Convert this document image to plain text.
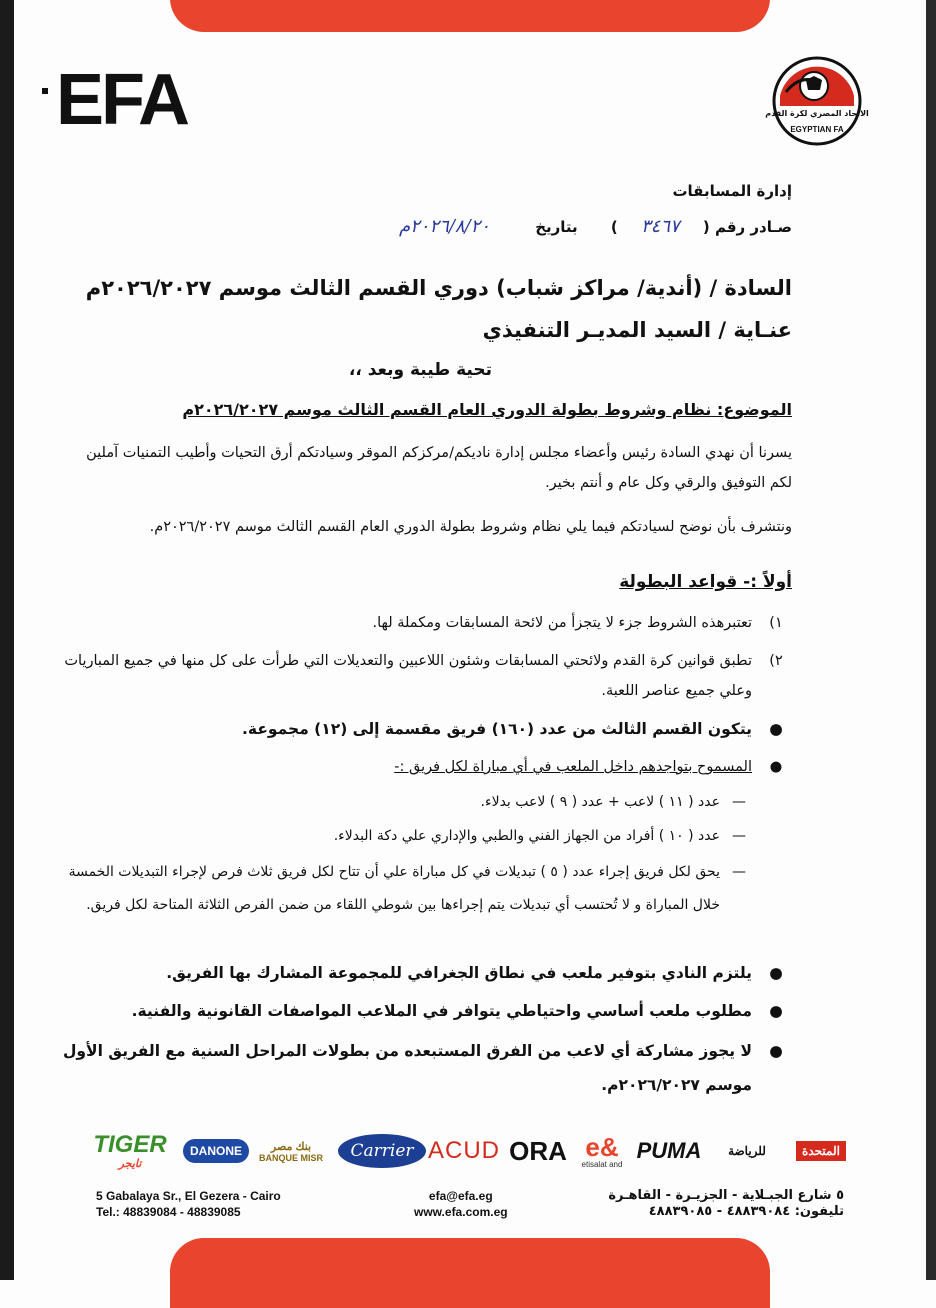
EFA	الاتحاد المصري لكرة القدم
EGYPTIAN FA
إدارة المسابقات
صـادر رقم ( ٣٤٦٧ ) بتاريخ ٢٠٢٦/٨/٢٠م
السادة / (أندية/ مراكز شباب) دوري القسم الثالث موسم ٢٠٢٦/٢٠٢٧م
عنـاية / السيد المديـر التنفيذي
تحية طيبة وبعد ،،
الموضوع: نظام وشروط بطولة الدوري العام القسم الثالث موسم ٢٠٢٦/٢٠٢٧م
يسرنا أن نهدي السادة رئيس وأعضاء مجلس إدارة ناديكم/مركزكم الموقر وسيادتكم أرق التحيات وأطيب التمنيات آملين لكم التوفيق والرقي وكل عام و أنتم بخير.
ونتشرف بأن نوضح لسيادتكم فيما يلي نظام وشروط بطولة الدوري العام القسم الثالث موسم ٢٠٢٦/٢٠٢٧م.
أولاً :- قواعد البطولة
١)
تعتبرهذه الشروط جزء لا يتجزأ من لائحة المسابقات ومكملة لها.
٢)
تطبق قوانين كرة القدم ولائحتي المسابقات وشئون اللاعبين والتعديلات التي طرأت على كل منها في جميع المباريات وعلي جميع عناصر اللعبة.
●
يتكون القسم الثالث من عدد (١٦٠) فريق مقسمة إلى (١٢) مجموعة.
●
المسموح بتواجدهم داخل الملعب في أي مباراة لكل فريق :-
—
عدد ( ١١ ) لاعب + عدد ( ٩ ) لاعب بدلاء.
—
عدد ( ١٠ ) أفراد من الجهاز الفني والطبي والإداري علي دكة البدلاء.
—
يحق لكل فريق إجراء عدد ( ٥ ) تبديلات في كل مباراة علي أن تتاح لكل فريق ثلاث فرص لإجراء التبديلات الخمسة خلال المباراة و لا تُحتسب أي تبديلات يتم إجراءها بين شوطي اللقاء من ضمن الفرص الثلاثة المتاحة لكل فريق.
●
يلتزم النادي بتوفير ملعب في نطاق الجغرافي للمجموعة المشارك بها الفريق.
●
مطلوب ملعب أساسي واحتياطي يتوافر في الملاعب المواصفات القانونية والفنية.
●
لا يجوز مشاركة أي لاعب من الفرق المستبعده من بطولات المراحل السنية مع الفريق الأول موسم ٢٠٢٦/٢٠٢٧م.
TIGER
تايجر
DANONE	بنك مصر
BANQUE MISR	Carrier ACUD ORA e&
etisalat and
PUMA للرياضة	المتحدة
5 Gabalaya Sr., El Gezera - Cairo
Tel.: 48839084 - 48839085
efa@efa.eg
www.efa.com.eg
٥ شارع الجبـلاية - الجزيـرة - القاهـرة
تليفون: ٤٨٨٣٩٠٨٤ - ٤٨٨٣٩٠٨٥
